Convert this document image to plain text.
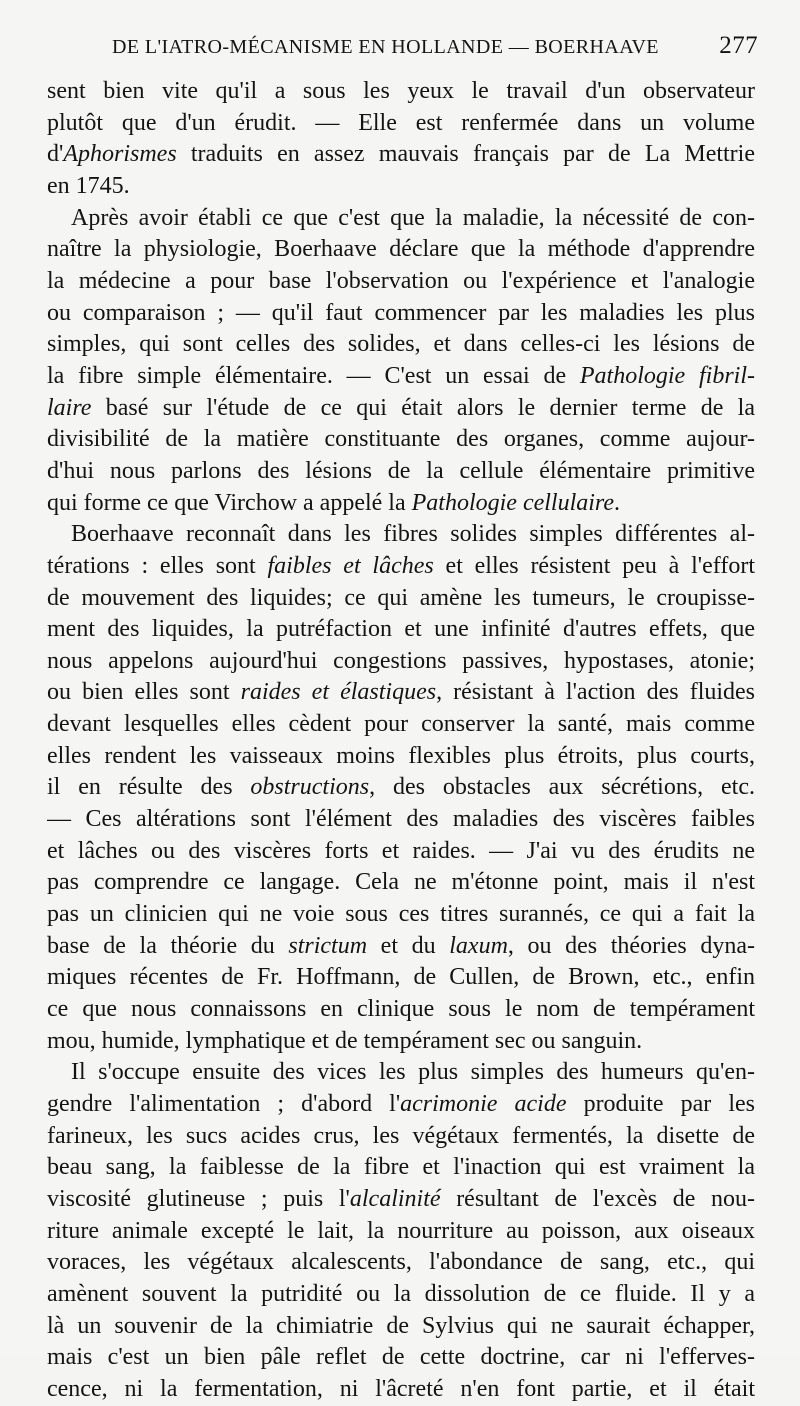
DE L'IATRO-MÉCANISME EN HOLLANDE — BOERHAAVE 277
sent bien vite qu'il a sous les yeux le travail d'un observateur
plutôt que d'un érudit. — Elle est renfermée dans un volume
d'Aphorismes traduits en assez mauvais français par de La Mettrie
en 1745.
Après avoir établi ce que c'est que la maladie, la nécessité de con-
naître la physiologie, Boerhaave déclare que la méthode d'apprendre
la médecine a pour base l'observation ou l'expérience et l'analogie
ou comparaison ; — qu'il faut commencer par les maladies les plus
simples, qui sont celles des solides, et dans celles-ci les lésions de
la fibre simple élémentaire. — C'est un essai de Pathologie fibril-
laire basé sur l'étude de ce qui était alors le dernier terme de la
divisibilité de la matière constituante des organes, comme aujour-
d'hui nous parlons des lésions de la cellule élémentaire primitive
qui forme ce que Virchow a appelé la Pathologie cellulaire.
Boerhaave reconnaît dans les fibres solides simples différentes al-
térations : elles sont faibles et lâches et elles résistent peu à l'effort
de mouvement des liquides; ce qui amène les tumeurs, le croupisse-
ment des liquides, la putréfaction et une infinité d'autres effets, que
nous appelons aujourd'hui congestions passives, hypostases, atonie;
ou bien elles sont raides et élastiques, résistant à l'action des fluides
devant lesquelles elles cèdent pour conserver la santé, mais comme
elles rendent les vaisseaux moins flexibles plus étroits, plus courts,
il en résulte des obstructions, des obstacles aux sécrétions, etc.
— Ces altérations sont l'élément des maladies des viscères faibles
et lâches ou des viscères forts et raides. — J'ai vu des érudits ne
pas comprendre ce langage. Cela ne m'étonne point, mais il n'est
pas un clinicien qui ne voie sous ces titres surannés, ce qui a fait la
base de la théorie du strictum et du laxum, ou des théories dyna-
miques récentes de Fr. Hoffmann, de Cullen, de Brown, etc., enfin
ce que nous connaissons en clinique sous le nom de tempérament
mou, humide, lymphatique et de tempérament sec ou sanguin.
Il s'occupe ensuite des vices les plus simples des humeurs qu'en-
gendre l'alimentation ; d'abord l'acrimonie acide produite par les
farineux, les sucs acides crus, les végétaux fermentés, la disette de
beau sang, la faiblesse de la fibre et l'inaction qui est vraiment la
viscosité glutineuse ; puis l'alcalinité résultant de l'excès de nou-
riture animale excepté le lait, la nourriture au poisson, aux oiseaux
voraces, les végétaux alcalescents, l'abondance de sang, etc., qui
amènent souvent la putridité ou la dissolution de ce fluide. Il y a
là un souvenir de la chimiatrie de Sylvius qui ne saurait échapper,
mais c'est un bien pâle reflet de cette doctrine, car ni l'efferves-
cence, ni la fermentation, ni l'âcreté n'en font partie, et il était
